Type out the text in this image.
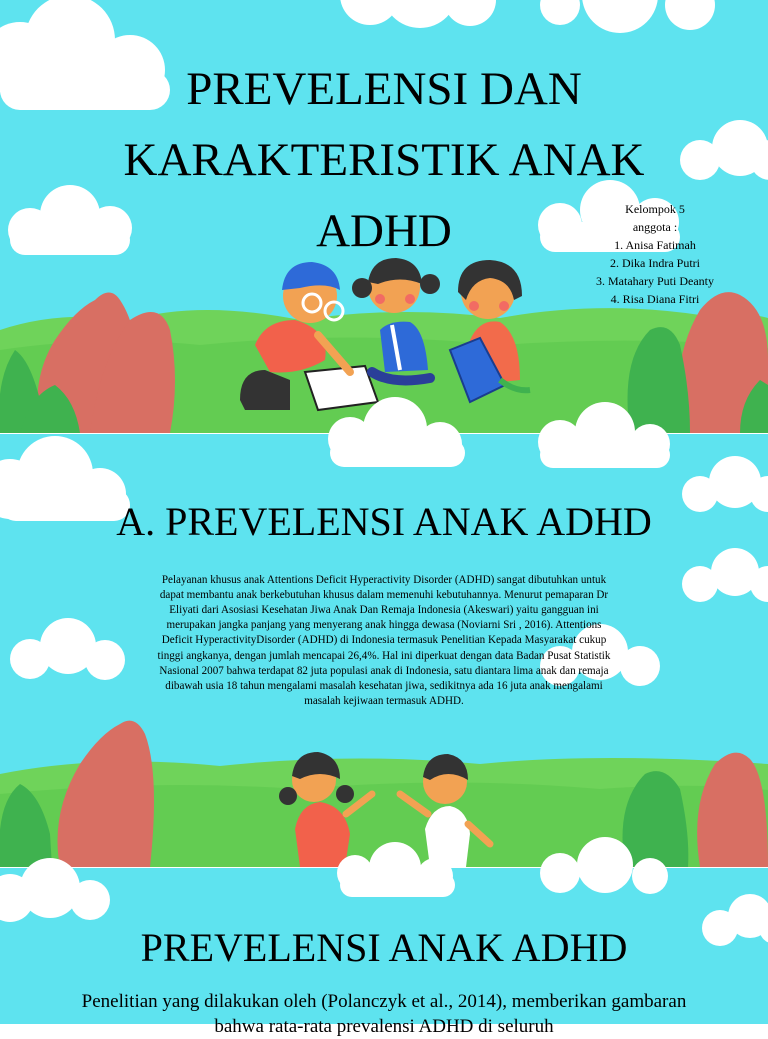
PREVELENSI DAN KARAKTERISTIK ANAK ADHD	Kelompok 5
anggota :
1. Anisa Fatimah
2. Dika Indra Putri
3. Matahary Puti Deanty
4. Risa Diana Fitri
A. PREVELENSI ANAK ADHD

Pelayanan khusus anak Attentions Deficit Hyperactivity Disorder (ADHD) sangat dibutuhkan untuk dapat membantu anak berkebutuhan khusus dalam memenuhi kebutuhannya. Menurut pemaparan Dr Eliyati dari Asosiasi Kesehatan Jiwa Anak Dan Remaja Indonesia (Akeswari) yaitu gangguan ini merupakan jangka panjang yang menyerang anak hingga dewasa (Noviarni Sri , 2016). Attentions Deficit HyperactivityDisorder (ADHD) di Indonesia termasuk Penelitian Kepada Masyarakat cukup tinggi angkanya, dengan jumlah mencapai 26,4%. Hal ini diperkuat dengan data Badan Pusat Statistik Nasional 2007 bahwa terdapat 82 juta populasi anak di Indonesia, satu diantara lima anak dan remaja dibawah usia 18 tahun mengalami masalah kesehatan jiwa, sedikitnya ada 16 juta anak mengalami masalah kejiwaan termasuk ADHD.

PREVELENSI ANAK ADHD

Penelitian yang dilakukan oleh (Polanczyk et al., 2014), memberikan gambaran bahwa rata-rata prevalensi ADHD di seluruh
